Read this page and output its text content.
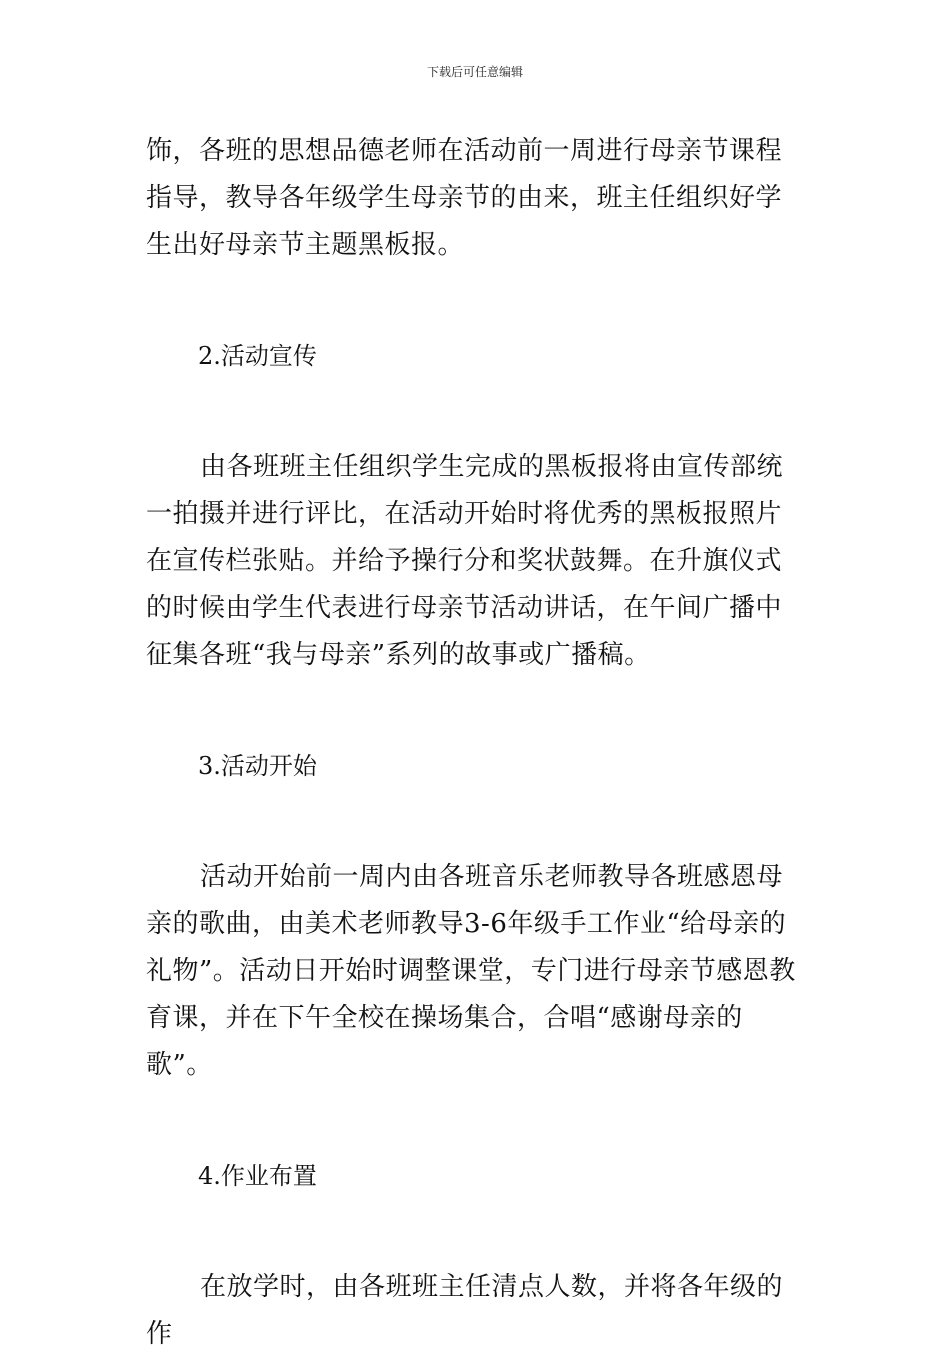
下载后可任意编辑

饰，各班的思想品德老师在活动前一周进行母亲节课程指导，教导各年级学生母亲节的由来，班主任组织好学生出好母亲节主题黑板报。

2.活动宣传

由各班班主任组织学生完成的黑板报将由宣传部统一拍摄并进行评比，在活动开始时将优秀的黑板报照片在宣传栏张贴。并给予操行分和奖状鼓舞。在升旗仪式的时候由学生代表进行母亲节活动讲话，在午间广播中征集各班“我与母亲”系列的故事或广播稿。

3.活动开始

活动开始前一周内由各班音乐老师教导各班感恩母亲的歌曲，由美术老师教导3-6年级手工作业“给母亲的礼物”。活动日开始时调整课堂，专门进行母亲节感恩教育课，并在下午全校在操场集合，合唱“感谢母亲的歌”。

4.作业布置

在放学时，由各班班主任清点人数，并将各年级的作
